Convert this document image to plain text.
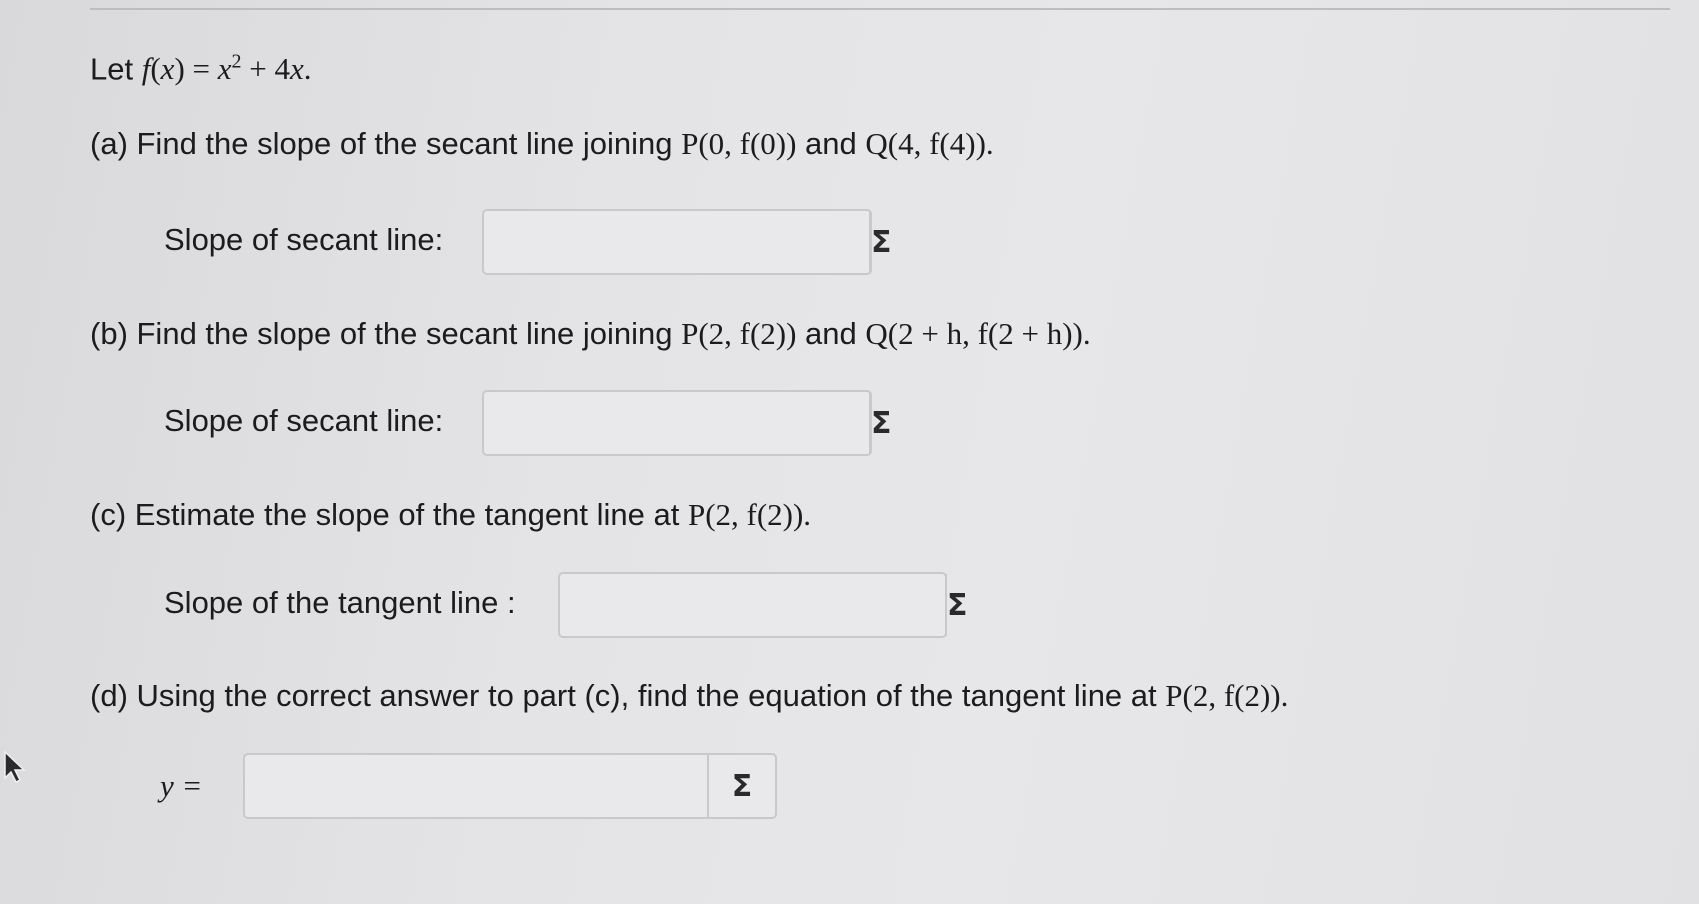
Let $f(x) = x^2 + 4x$.
(a) Find the slope of the secant line joining P(0, f(0)) and Q(4, f(4)).
Slope of secant line:	Σ
(b) Find the slope of the secant line joining P(2, f(2)) and Q(2 + h, f(2 + h)).
Slope of secant line:	Σ
(c) Estimate the slope of the tangent line at P(2, f(2)).
Slope of the tangent line :	Σ
(d) Using the correct answer to part (c), find the equation of the tangent line at P(2, f(2)).
y =	Σ
